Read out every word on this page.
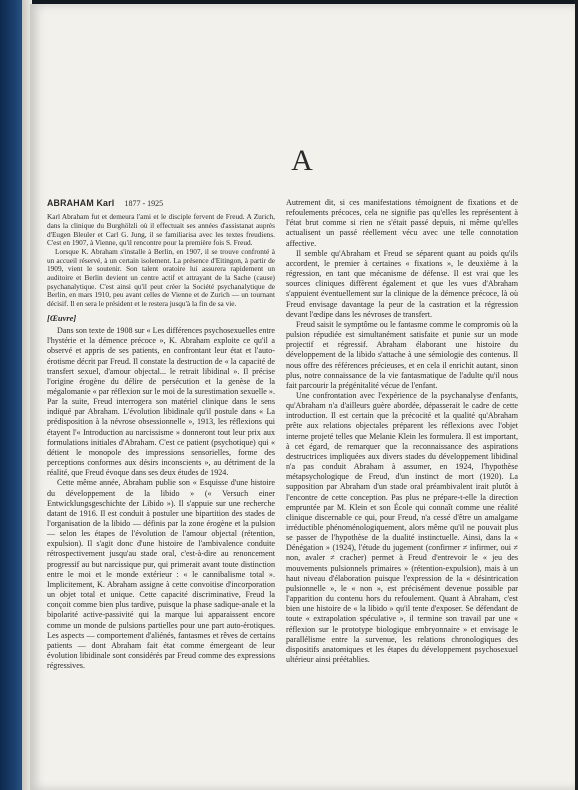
A
ABRAHAM Karl 1877 - 1925

Karl Abraham fut et demeura l'ami et le disciple fervent de Freud. A Zurich, dans la clinique du Burghölzli où il effectuait ses années d'assistanat auprès d'Eugen Bleuler et Carl G. Jung, il se familiarisa avec les textes freudiens. C'est en 1907, à Vienne, qu'il rencontre pour la première fois S. Freud.

Lorsque K. Abraham s'installe à Berlin, en 1907, il se trouve confronté à un accueil réservé, à un certain isolement. La présence d'Eitingon, à partir de 1909, vient le soutenir. Son talent oratoire lui assurera rapidement un auditoire et Berlin devient un centre actif et attrayant de la Sache (cause) psychanalytique. C'est ainsi qu'il peut créer la Société psychanalytique de Berlin, en mars 1910, peu avant celles de Vienne et de Zurich — un tournant décisif. Il en sera le président et le restera jusqu'à la fin de sa vie.

[Œuvre]

Dans son texte de 1908 sur « Les différences psychosexuelles entre l'hystérie et la démence précoce », K. Abraham exploite ce qu'il a observé et appris de ses patients, en confrontant leur état et l'auto-érotisme décrit par Freud. Il constate la destruction de « la capacité de transfert sexuel, d'amour objectal... le retrait libidinal ». Il précise l'origine érogène du délire de persécution et la genèse de la mégalomanie « par réflexion sur le moi de la surestimation sexuelle ». Par la suite, Freud interrogera son matériel clinique dans le sens indiqué par Abraham. L'évolution libidinale qu'il postule dans « La prédisposition à la névrose obsessionnelle », 1913, les réflexions qui étayent l'« Introduction au narcissisme » donneront tout leur prix aux formulations initiales d'Abraham. C'est ce patient (psychotique) qui « détient le monopole des impressions sensorielles, forme des perceptions conformes aux désirs inconscients », au détriment de la réalité, que Freud évoque dans ses deux études de 1924.

Cette même année, Abraham publie son « Esquisse d'une histoire du développement de la libido » (« Versuch einer Entwicklungsgeschichte der Libido »). Il s'appuie sur une recherche datant de 1916. Il est conduit à postuler une bipartition des stades de l'organisation de la libido — définis par la zone érogène et la pulsion — selon les étapes de l'évolution de l'amour objectal (rétention, expulsion). Il s'agit donc d'une histoire de l'ambivalence conduite rétrospectivement jusqu'au stade oral, c'est-à-dire au renoncement progressif au but narcissique pur, qui primerait avant toute distinction entre le moi et le monde extérieur : « le cannibalisme total ». Implicitement, K. Abraham assigne à cette convoitise d'incorporation un objet total et unique. Cette capacité discriminative, Freud la conçoit comme bien plus tardive, puisque la phase sadique-anale et la bipolarité active-passivité qui la marque lui apparaissent encore comme un monde de pulsions partielles pour une part auto-érotiques. Les aspects — comportement d'aliénés, fantasmes et rêves de certains patients — dont Abraham fait état comme émergeant de leur évolution libidinale sont considérés par Freud comme des expressions régressives.

Autrement dit, si ces manifestations témoignent de fixations et de refoulements précoces, cela ne signifie pas qu'elles les représentent à l'état brut comme si rien ne s'était passé depuis, ni même qu'elles actualisent un passé réellement vécu avec une telle connotation affective.

Il semble qu'Abraham et Freud se séparent quant au poids qu'ils accordent, le premier à certaines « fixations », le deuxième à la régression, en tant que mécanisme de défense. Il est vrai que les sources cliniques diffèrent également et que les vues d'Abraham s'appuient éventuellement sur la clinique de la démence précoce, là où Freud envisage davantage la peur de la castration et la régression devant l'œdipe dans les névroses de transfert.

Freud saisit le symptôme ou le fantasme comme le compromis où la pulsion répudiée est simultanément satisfaite et punie sur un mode projectif et régressif. Abraham élaborant une histoire du développement de la libido s'attache à une sémiologie des contenus. Il nous offre des références précieuses, et en cela il enrichit autant, sinon plus, notre connaissance de la vie fantasmatique de l'adulte qu'il nous fait parcourir la prégénitalité vécue de l'enfant.

Une confrontation avec l'expérience de la psychanalyse d'enfants, qu'Abraham n'a d'ailleurs guère abordée, dépasserait le cadre de cette introduction. Il est certain que la précocité et la qualité qu'Abraham prête aux relations objectales préparent les réflexions avec l'objet interne projeté telles que Melanie Klein les formulera. Il est important, à cet égard, de remarquer que la reconnaissance des aspirations destructrices impliquées aux divers stades du développement libidinal n'a pas conduit Abraham à assumer, en 1924, l'hypothèse métapsychologique de Freud, d'un instinct de mort (1920). La supposition par Abraham d'un stade oral préambivalent irait plutôt à l'encontre de cette conception. Pas plus ne prépare-t-elle la direction empruntée par M. Klein et son École qui connaît comme une réalité clinique discernable ce qui, pour Freud, n'a cessé d'être un amalgame irréductible phénoménologiquement, alors même qu'il ne pouvait plus se passer de l'hypothèse de la dualité instinctuelle. Ainsi, dans la « Dénégation » (1924), l'étude du jugement (confirmer ≠ infirmer, oui ≠ non, avaler ≠ cracher) permet à Freud d'entrevoir le « jeu des mouvements pulsionnels primaires » (rétention-expulsion), mais à un haut niveau d'élaboration puisque l'expression de la « désintrication pulsionnelle », le « non », est précisément devenue possible par l'apparition du contenu hors du refoulement. Quant à Abraham, c'est bien une histoire de « la libido » qu'il tente d'exposer. Se défendant de toute « extrapolation spéculative », il termine son travail par une « réflexion sur le prototype biologique embryonnaire » et envisage le parallélisme entre la survenue, les relations chronologiques des dispositifs anatomiques et les étapes du développement psychosexuel ultérieur ainsi préétablies.
